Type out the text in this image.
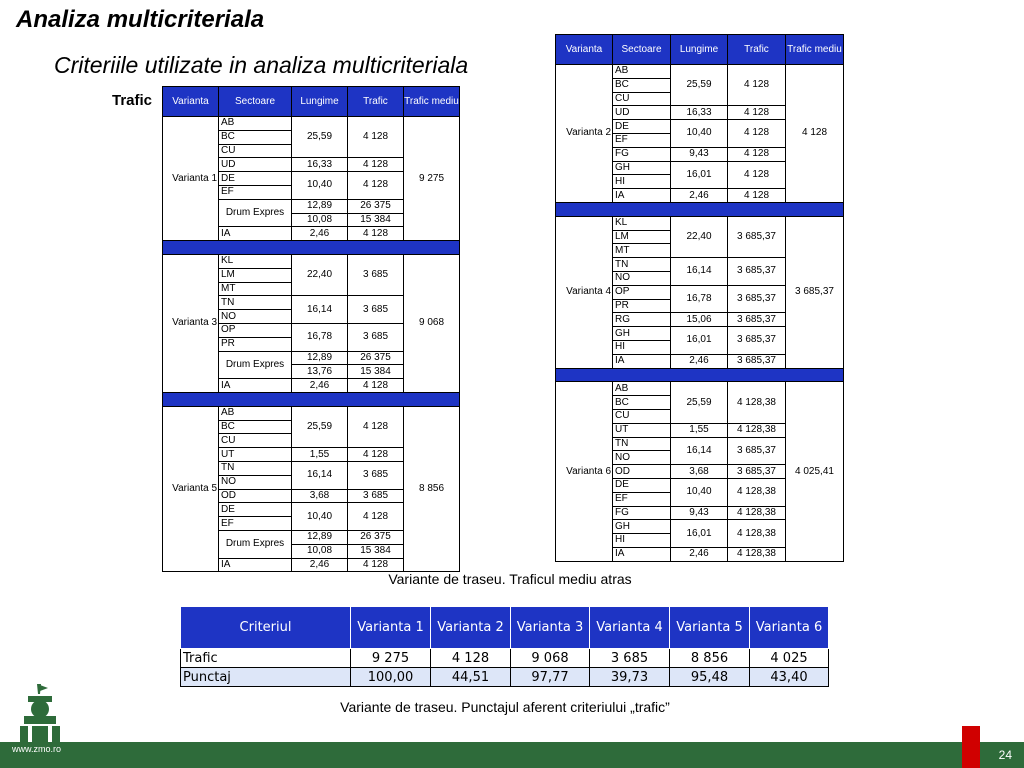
Analiza multicriteriala
Criteriile utilizate in analiza multicriteriala
Trafic Varianta	Sectoare	Lungime	Trafic	Trafic mediu
Varianta 1	AB	25,59	4 128	9 275
	BC			
	CU			
	UD	16,33	4 128	
	DE	10,40	4 128	
	EF			
	Drum Expres	12,89	26 375	
		10,08	15 384	
	IA	2,46	4 128	

Varianta 3	KL	22,40	3 685	9 068
	LM			
	MT			
	TN	16,14	3 685	
	NO			
	OP	16,78	3 685	
	PR			
	Drum Expres	12,89	26 375	
		13,76	15 384	
	IA	2,46	4 128	

Varianta 5	AB	25,59	4 128	8 856
	BC			
	CU			
	UT	1,55	4 128	
	TN	16,14	3 685	
	NO			
	OD	3,68	3 685	
	DE	10,40	4 128	
	EF			
	Drum Expres	12,89	26 375	
		10,08	15 384	
	IA	2,46	4 128	
Varianta	Sectoare	Lungime	Trafic	Trafic mediu
Varianta 2	AB	25,59	4 128	4 128
	BC			
	CU			
	UD	16,33	4 128	
	DE	10,40	4 128	
	EF			
	FG	9,43	4 128	
	GH	16,01	4 128	
	HI			
	IA	2,46	4 128	

Varianta 4	KL	22,40	3 685,37	3 685,37
	LM			
	MT			
	TN	16,14	3 685,37	
	NO			
	OP	16,78	3 685,37	
	PR			
	RG	15,06	3 685,37	
	GH	16,01	3 685,37	
	HI			
	IA	2,46	3 685,37	

Varianta 6	AB	25,59	4 128,38	4 025,41
	BC			
	CU			
	UT	1,55	4 128,38	
	TN	16,14	3 685,37	
	NO			
	OD	3,68	3 685,37	
	DE	10,40	4 128,38	
	EF			
	FG	9,43	4 128,38	
	GH	16,01	4 128,38	
	HI			
	IA	2,46	4 128,38	
Variante de traseu. Traficul mediu atras
Criteriul	Varianta 1	Varianta 2	Varianta 3	Varianta 4	Varianta 5	Varianta 6
Trafic	9 275	4 128	9 068	3 685	8 856	4 025
Punctaj	100,00	44,51	97,77	39,73	95,48	43,40
Variante de traseu. Punctajul aferent criteriului „trafic”
www.zmo.ro	24
